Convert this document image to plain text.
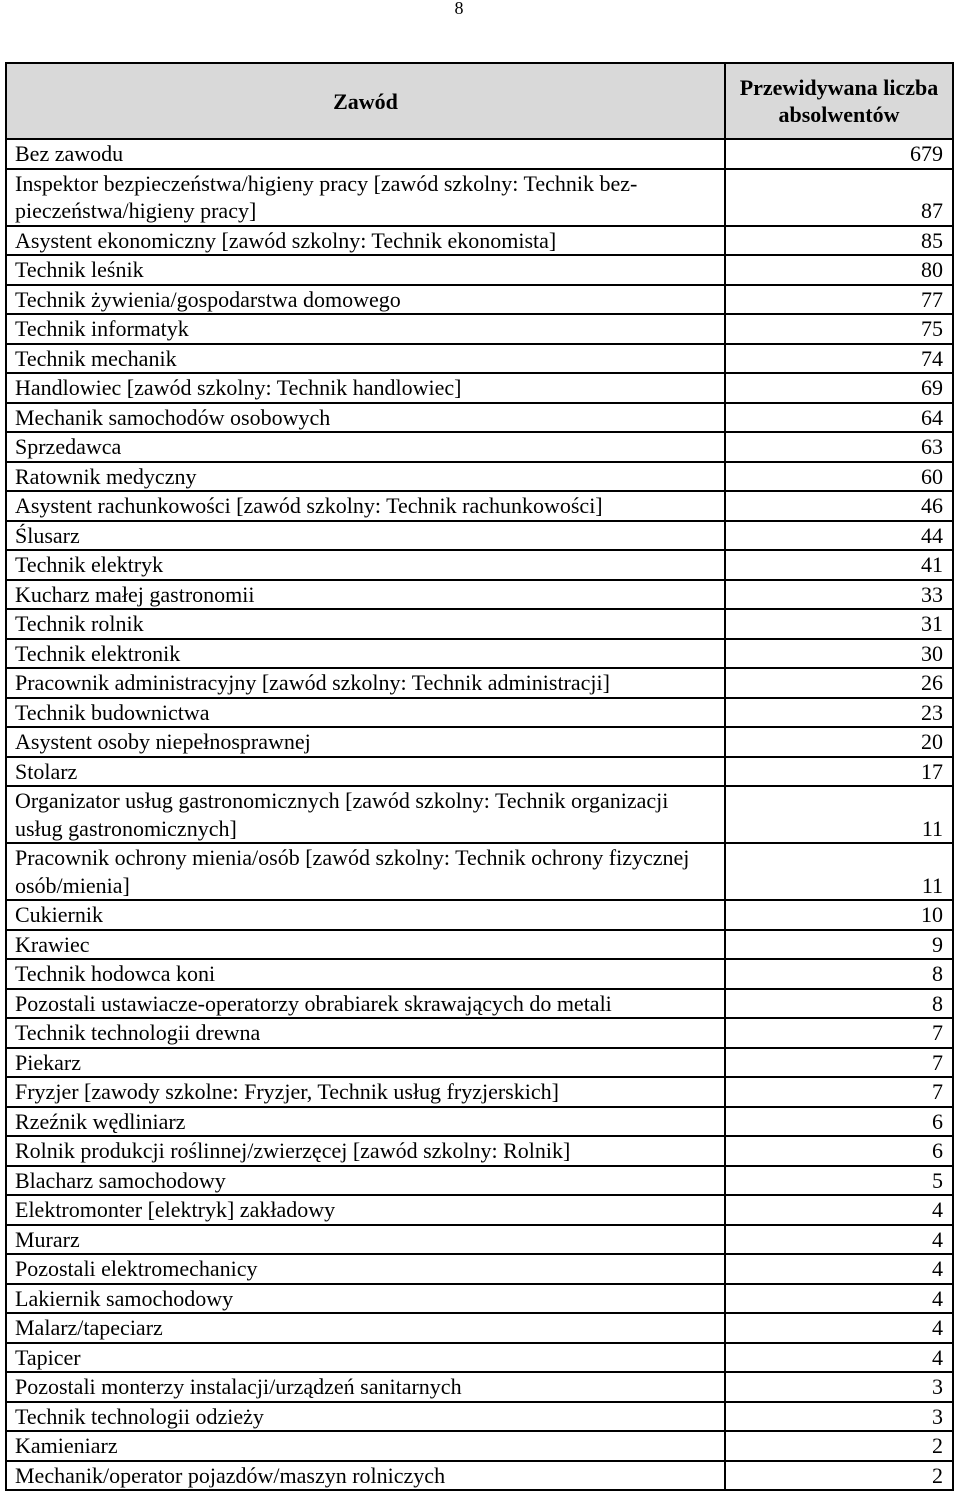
8
Zawód	Przewidywana liczba absolwentów
Bez zawodu	679
Inspektor bezpieczeństwa/higieny pracy [zawód szkolny: Technik bezpieczeństwa/higieny pracy]	87
Asystent ekonomiczny [zawód szkolny: Technik ekonomista]	85
Technik leśnik	80
Technik żywienia/gospodarstwa domowego	77
Technik informatyk	75
Technik mechanik	74
Handlowiec [zawód szkolny: Technik handlowiec]	69
Mechanik samochodów osobowych	64
Sprzedawca	63
Ratownik medyczny	60
Asystent rachunkowości [zawód szkolny: Technik rachunkowości]	46
Ślusarz	44
Technik elektryk	41
Kucharz małej gastronomii	33
Technik rolnik	31
Technik elektronik	30
Pracownik administracyjny [zawód szkolny: Technik administracji]	26
Technik budownictwa	23
Asystent osoby niepełnosprawnej	20
Stolarz	17
Organizator usług gastronomicznych [zawód szkolny: Technik organizacji usług gastronomicznych]	11
Pracownik ochrony mienia/osób [zawód szkolny: Technik ochrony fizycznej osób/mienia]	11
Cukiernik	10
Krawiec	9
Technik hodowca koni	8
Pozostali ustawiacze-operatorzy obrabiarek skrawających do metali	8
Technik technologii drewna	7
Piekarz	7
Fryzjer [zawody szkolne: Fryzjer, Technik usług fryzjerskich]	7
Rzeźnik wędliniarz	6
Rolnik produkcji roślinnej/zwierzęcej [zawód szkolny: Rolnik]	6
Blacharz samochodowy	5
Elektromonter [elektryk] zakładowy	4
Murarz	4
Pozostali elektromechanicy	4
Lakiernik samochodowy	4
Malarz/tapeciarz	4
Tapicer	4
Pozostali monterzy instalacji/urządzeń sanitarnych	3
Technik technologii odzieży	3
Kamieniarz	2
Mechanik/operator pojazdów/maszyn rolniczych	2
